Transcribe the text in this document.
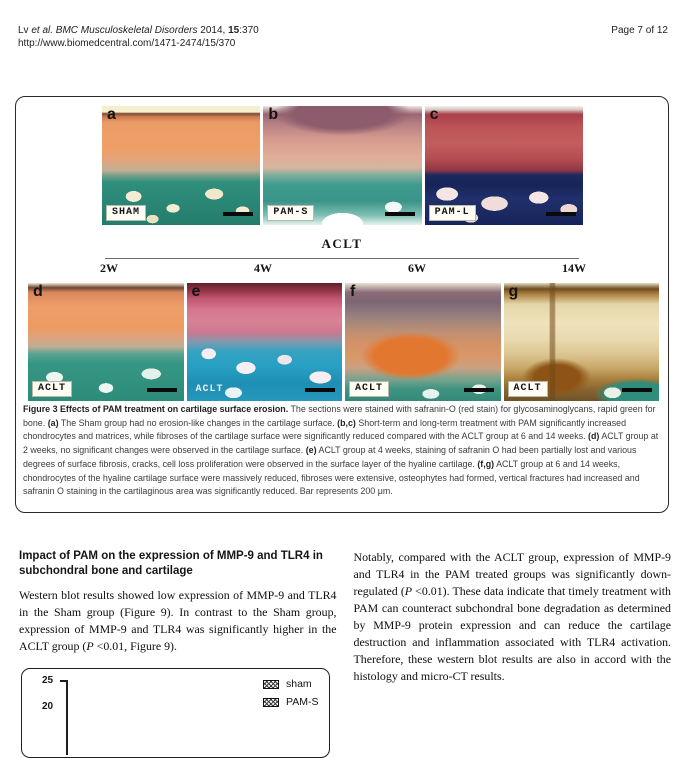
Lv et al. BMC Musculoskeletal Disorders 2014, 15:370
http://www.biomedcentral.com/1471-2474/15/370
Page 7 of 12
a
SHAM
b
PAM-S
c
PAM-L
ACLT
2W	4W	6W	14W
d
ACLT
e
ACLT
f
ACLT
g
ACLT

Figure 3 Effects of PAM treatment on cartilage surface erosion. The sections were stained with safranin-O (red stain) for glycosaminoglycans, rapid green for bone. (a) The Sham group had no erosion-like changes in the cartilage surface. (b,c) Short-term and long-term treatment with PAM significantly increased chondrocytes and matrices, while fibroses of the cartilage surface were significantly reduced compared with the ACLT group at 6 and 14 weeks. (d) ACLT group at 2 weeks, no significant changes were observed in the cartilage surface. (e) ACLT group at 4 weeks, staining of safranin O had been partially lost and various degrees of surface fibrosis, cracks, cell loss proliferation were observed in the surface layer of the hyaline cartilage. (f,g) ACLT group at 6 and 14 weeks, chondrocytes of the hyaline cartilage surface were massively reduced, fibroses were extensive, osteophytes had formed, vertical fractures had increased and safranin O staining in the cartilaginous area was significantly reduced. Bar represents 200 μm.

Impact of PAM on the expression of MMP-9 and TLR4 in subchondral bone and cartilage

Western blot results showed low expression of MMP-9 and TLR4 in the Sham group (Figure 9). In contrast to the Sham group, expression of MMP-9 and TLR4 was significantly higher in the ACLT group (P <0.01, Figure 9).

Notably, compared with the ACLT group, expression of MMP-9 and TLR4 in the PAM treated groups was significantly down-regulated (P <0.01). These data indicate that timely treatment with PAM can counteract subchondral bone degradation as determined by MMP-9 protein expression and can reduce the cartilage destruction and inflammation associated with TLR4 activation. Therefore, these western blot results are also in accord with the histology and micro-CT results.

25
20
sham
PAM-S
